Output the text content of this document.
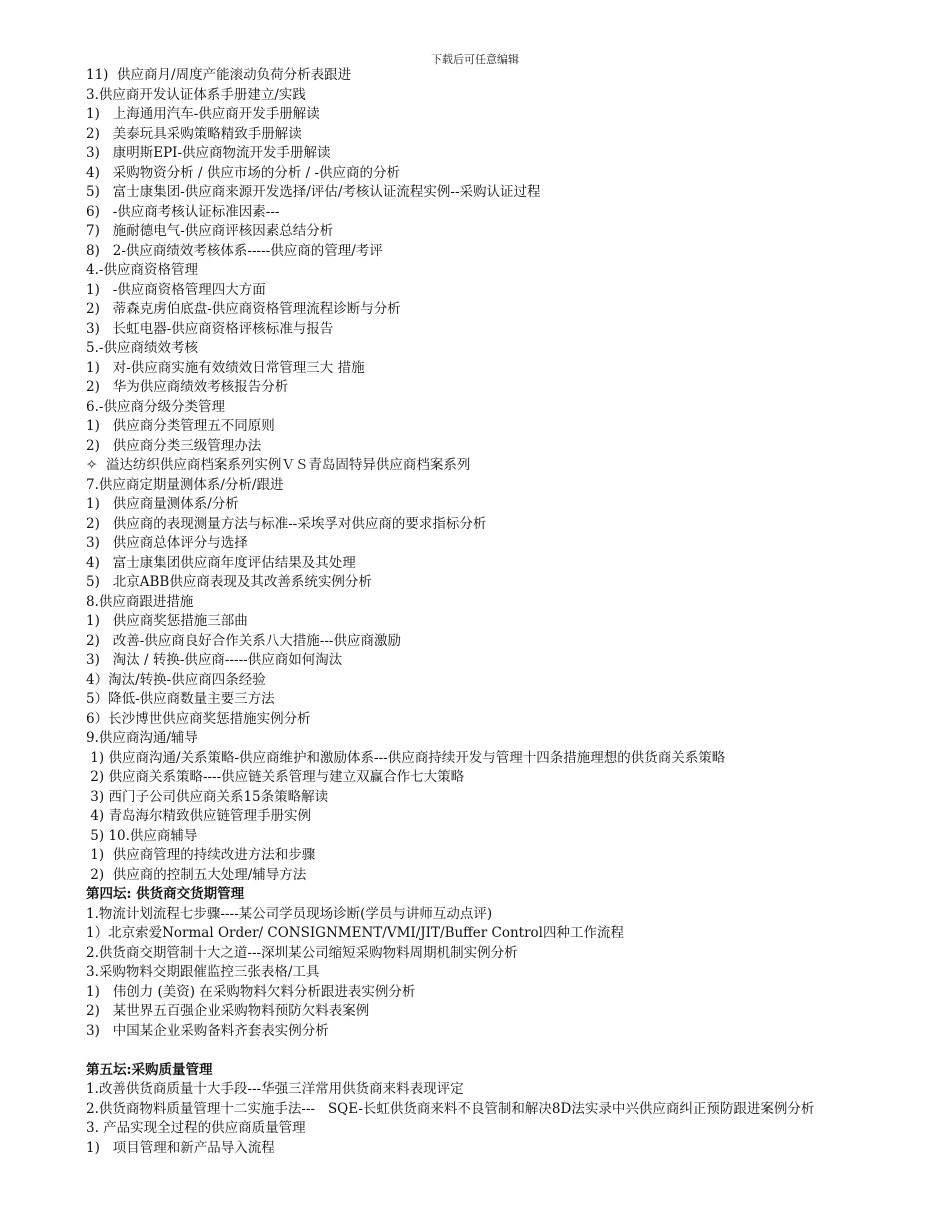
下载后可任意编辑
11)  供应商月/周度产能滚动负荷分析表跟进
3.供应商开发认证体系手册建立/实践
1)   上海通用汽车-供应商开发手册解读
2)   美泰玩具采购策略精致手册解读
3)   康明斯EPI-供应商物流开发手册解读
4)   采购物资分析 / 供应市场的分析 / -供应商的分析
5)   富士康集团-供应商来源开发选择/评估/考核认证流程实例--采购认证过程
6)   -供应商考核认证标准因素---
7)   施耐德电气-供应商评核因素总结分析
8)   2-供应商绩效考核体系-----供应商的管理/考评
4.-供应商资格管理
1)   -供应商资格管理四大方面
2)   蒂森克虏伯底盘-供应商资格管理流程诊断与分析
3)   长虹电器-供应商资格评核标准与报告
5.-供应商绩效考核
1)   对-供应商实施有效绩效日常管理三大 措施
2)   华为供应商绩效考核报告分析
6.-供应商分级分类管理
1)   供应商分类管理五不同原则
2)   供应商分类三级管理办法
✧  溢达纺织供应商档案系列实例ＶＳ青岛固特异供应商档案系列
7.供应商定期量测体系/分析/跟进
1)   供应商量测体系/分析
2)   供应商的表现测量方法与标准--采埃孚对供应商的要求指标分析
3)   供应商总体评分与选择
4)   富士康集团供应商年度评估结果及其处理
5)   北京ABB供应商表现及其改善系统实例分析
8.供应商跟进措施
1)   供应商奖惩措施三部曲
2)   改善-供应商良好合作关系八大措施---供应商激励
3)   淘汰 / 转换-供应商-----供应商如何淘汰
4）淘汰/转换-供应商四条经验
5）降低-供应商数量主要三方法
6）长沙博世供应商奖惩措施实例分析
9.供应商沟通/辅导
1) 供应商沟通/关系策略-供应商维护和激励体系---供应商持续开发与管理十四条措施理想的供货商关系策略
2) 供应商关系策略----供应链关系管理与建立双赢合作七大策略
3) 西门子公司供应商关系15条策略解读
4) 青岛海尔精致供应链管理手册实例
5) 10.供应商辅导
1)  供应商管理的持续改进方法和步骤
2)  供应商的控制五大处理/辅导方法
第四坛: 供货商交货期管理
1.物流计划流程七步骤----某公司学员现场诊断(学员与讲师互动点评)
1）北京索爱Normal Order/ CONSIGNMENT/VMI/JIT/Buffer Control四种工作流程
2.供货商交期管制十大之道---深圳某公司缩短采购物料周期机制实例分析
3.采购物料交期跟催监控三张表格/工具
1)   伟创力 (美资) 在采购物料欠料分析跟进表实例分析
2)   某世界五百强企业采购物料预防欠料表案例
3)   中国某企业采购备料齐套表实例分析
第五坛:采购质量管理
1.改善供货商质量十大手段---华强三洋常用供货商来料表现评定
2.供货商物料质量管理十二实施手法---   SQE-长虹供货商来料不良管制和解决8D法实录中兴供应商纠正预防跟进案例分析
3. 产品实现全过程的供应商质量管理
1)   项目管理和新产品导入流程
